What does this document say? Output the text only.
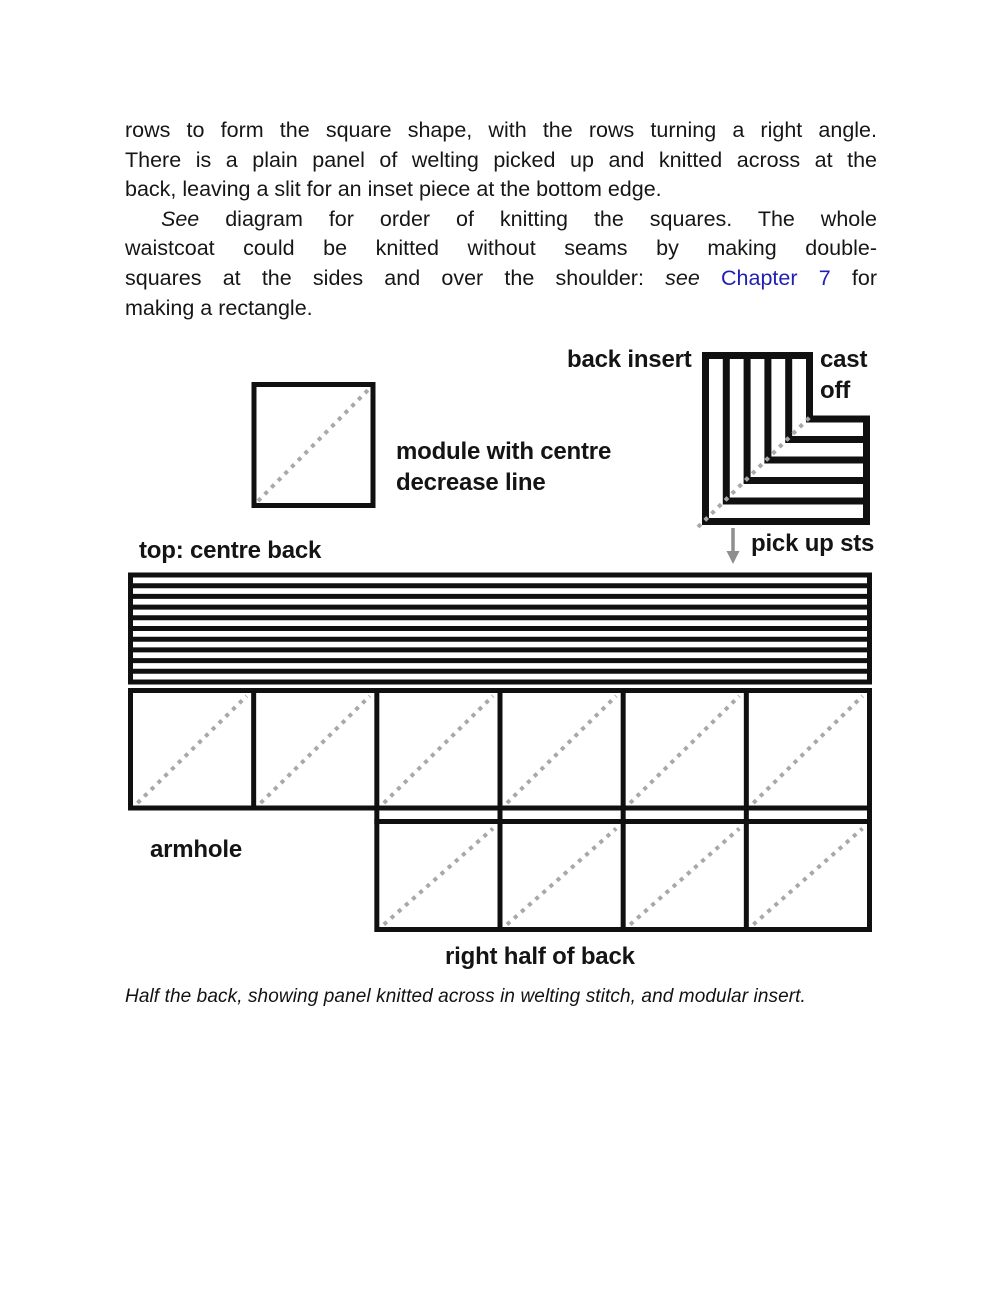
rows to form the square shape, with the rows turning a right angle.
There is a plain panel of welting picked up and knitted across at the
back, leaving a slit for an inset piece at the bottom edge.
See diagram for order of knitting the squares. The whole
waistcoat could be knitted without seams by making double-
squares at the sides and over the shoulder: see Chapter 7 for
making a rectangle.
module with centre decrease line
back insert	cast off
pick up sts
top: centre back
armhole
right half of back
Half the back, showing panel knitted across in welting stitch, and modular insert.
